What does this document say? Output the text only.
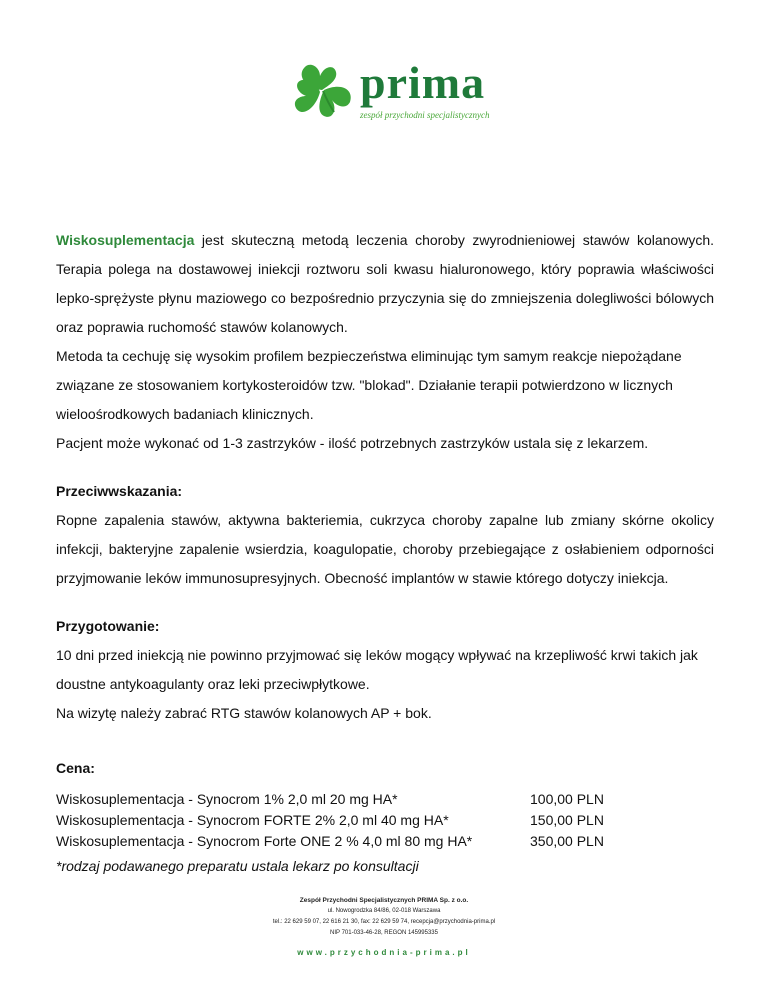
prima
zespół przychodni specjalistycznych

Wiskosuplementacja jest skuteczną metodą leczenia choroby zwyrodnieniowej stawów kolanowych. Terapia polega na dostawowej iniekcji roztworu soli kwasu hialuronowego, który poprawia właściwości lepko-sprężyste płynu maziowego co bezpośrednio przyczynia się do zmniejszenia dolegliwości bólowych oraz poprawia ruchomość stawów kolanowych.

Metoda ta cechuję się wysokim profilem bezpieczeństwa eliminując tym samym reakcje niepożądane związane ze stosowaniem kortykosteroidów tzw. "blokad". Działanie terapii potwierdzono w licznych wieloośrodkowych badaniach klinicznych.

Pacjent może wykonać od 1-3 zastrzyków - ilość potrzebnych zastrzyków ustala się z lekarzem.

Przeciwwskazania:

Ropne zapalenia stawów, aktywna bakteriemia, cukrzyca choroby zapalne lub zmiany skórne okolicy infekcji, bakteryjne zapalenie wsierdzia, koagulopatie, choroby przebiegające z osłabieniem odporności przyjmowanie leków immunosupresyjnych. Obecność implantów w stawie którego dotyczy iniekcja.

Przygotowanie:

10 dni przed iniekcją nie powinno przyjmować się leków mogący wpływać na krzepliwość krwi takich jak doustne antykoagulanty oraz leki przeciwpłytkowe.

Na wizytę należy zabrać RTG stawów kolanowych AP + bok.

Cena:

Wiskosuplementacja - Synocrom 1% 2,0 ml 20 mg HA*	100,00 PLN
Wiskosuplementacja - Synocrom FORTE 2% 2,0 ml 40 mg HA*	150,00 PLN
Wiskosuplementacja - Synocrom Forte ONE 2 % 4,0 ml 80 mg HA*	350,00 PLN

*rodzaj podawanego preparatu ustala lekarz po konsultacji

Zespół Przychodni Specjalistycznych PRIMA Sp. z o.o.
ul. Nowogrodzka 84/86, 02-018 Warszawa
tel.: 22 629 59 07, 22 616 21 30, fax: 22 629 59 74, recepcja@przychodnia-prima.pl
NIP 701-033-46-28, REGON 145995335
www.przychodnia-prima.pl
